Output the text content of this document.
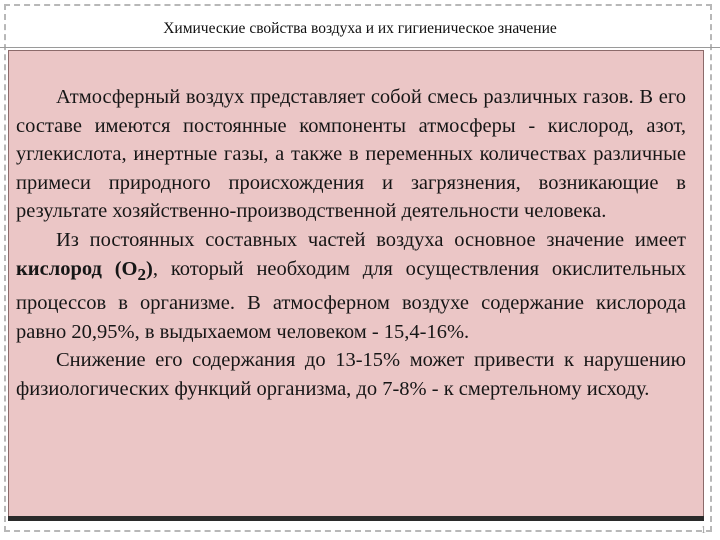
Химические свойства воздуха и их гигиеническое значение

Атмосферный воздух представляет собой смесь различных газов. В его составе имеются постоянные компоненты атмосферы - кислород, азот, углекислота, инертные газы, а также в переменных количествах различные примеси природного происхождения и загрязнения, возникающие в результате хозяйственно-производственной деятельности человека.

Из постоянных составных частей воздуха основное значение имеет кислород $(О_2)$, который необходим для осуществления окислительных процессов в организме. В атмосферном воздухе содержание кислорода равно 20,95%, в выдыхаемом человеком - 15,4-16%.

Снижение его содержания до 13-15% может привести к нарушению физиологических функций организма, до 7-8% - к смертельному исходу.

1
